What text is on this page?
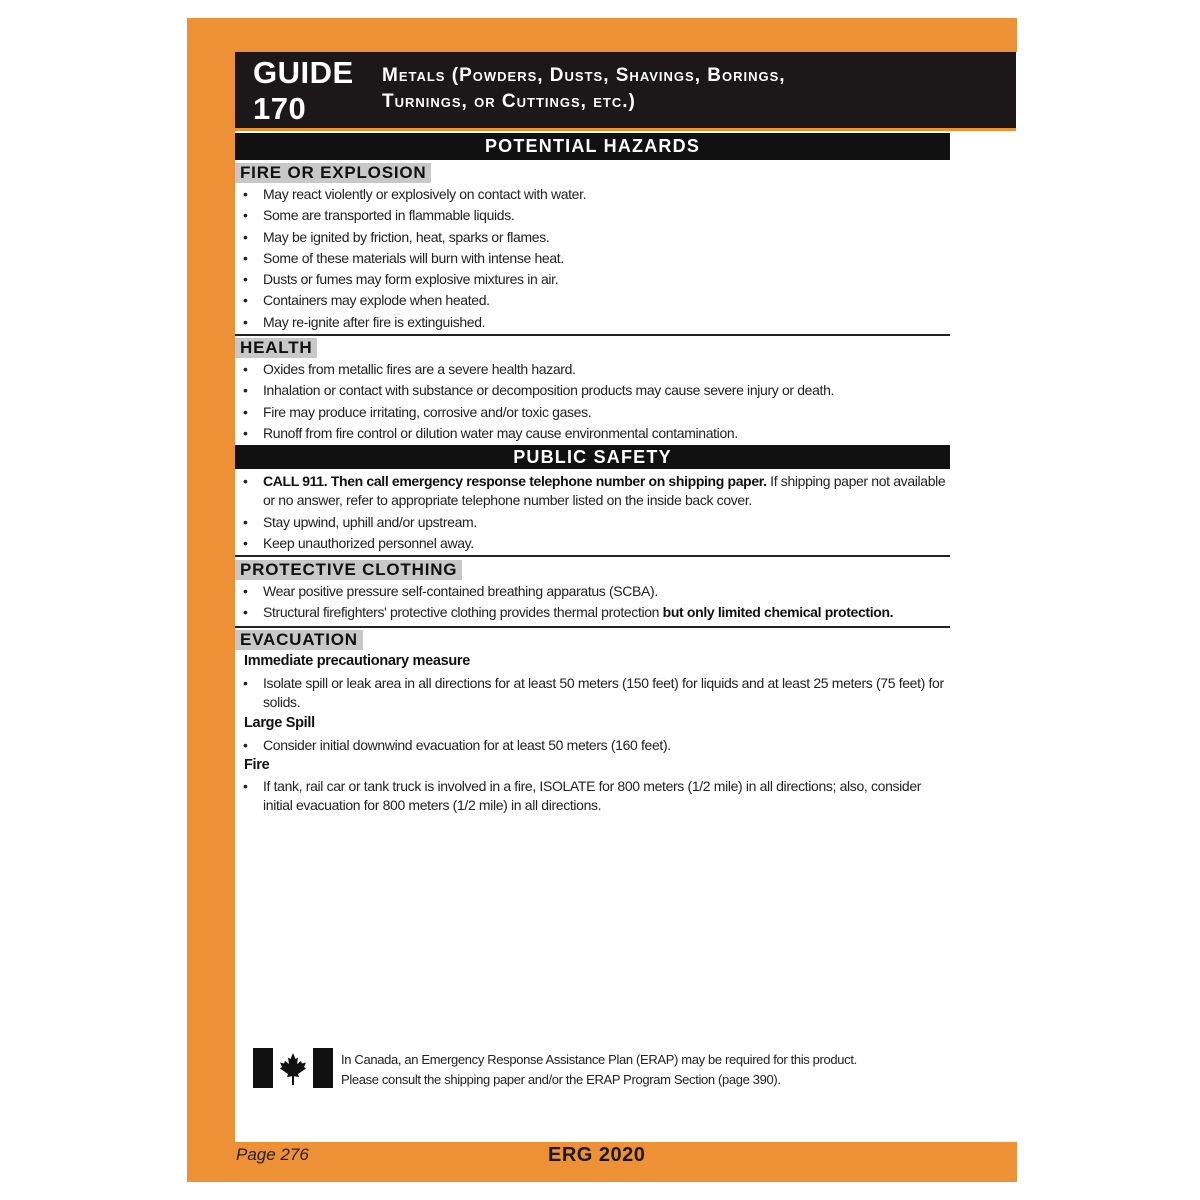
GUIDE
170
Metals (Powders, Dusts, Shavings, Borings,
Turnings, or Cuttings, etc.)
POTENTIAL HAZARDS
FIRE OR EXPLOSION
• May react violently or explosively on contact with water.
• Some are transported in flammable liquids.
• May be ignited by friction, heat, sparks or flames.
• Some of these materials will burn with intense heat.
• Dusts or fumes may form explosive mixtures in air.
• Containers may explode when heated.
• May re-ignite after fire is extinguished.
HEALTH
• Oxides from metallic fires are a severe health hazard.
• Inhalation or contact with substance or decomposition products may cause severe injury or death.
• Fire may produce irritating, corrosive and/or toxic gases.
• Runoff from fire control or dilution water may cause environmental contamination.
PUBLIC SAFETY
• CALL 911. Then call emergency response telephone number on shipping paper. If shipping paper not available or no answer, refer to appropriate telephone number listed on the inside back cover.
• Stay upwind, uphill and/or upstream.
• Keep unauthorized personnel away.
PROTECTIVE CLOTHING
• Wear positive pressure self-contained breathing apparatus (SCBA).
• Structural firefighters' protective clothing provides thermal protection but only limited chemical protection.
EVACUATION
Immediate precautionary measure
• Isolate spill or leak area in all directions for at least 50 meters (150 feet) for liquids and at least 25 meters (75 feet) for solids.
Large Spill
• Consider initial downwind evacuation for at least 50 meters (160 feet).
Fire
• If tank, rail car or tank truck is involved in a fire, ISOLATE for 800 meters (1/2 mile) in all directions; also, consider initial evacuation for 800 meters (1/2 mile) in all directions.
In Canada, an Emergency Response Assistance Plan (ERAP) may be required for this product.
Please consult the shipping paper and/or the ERAP Program Section (page 390).
Page 276	ERG 2020
